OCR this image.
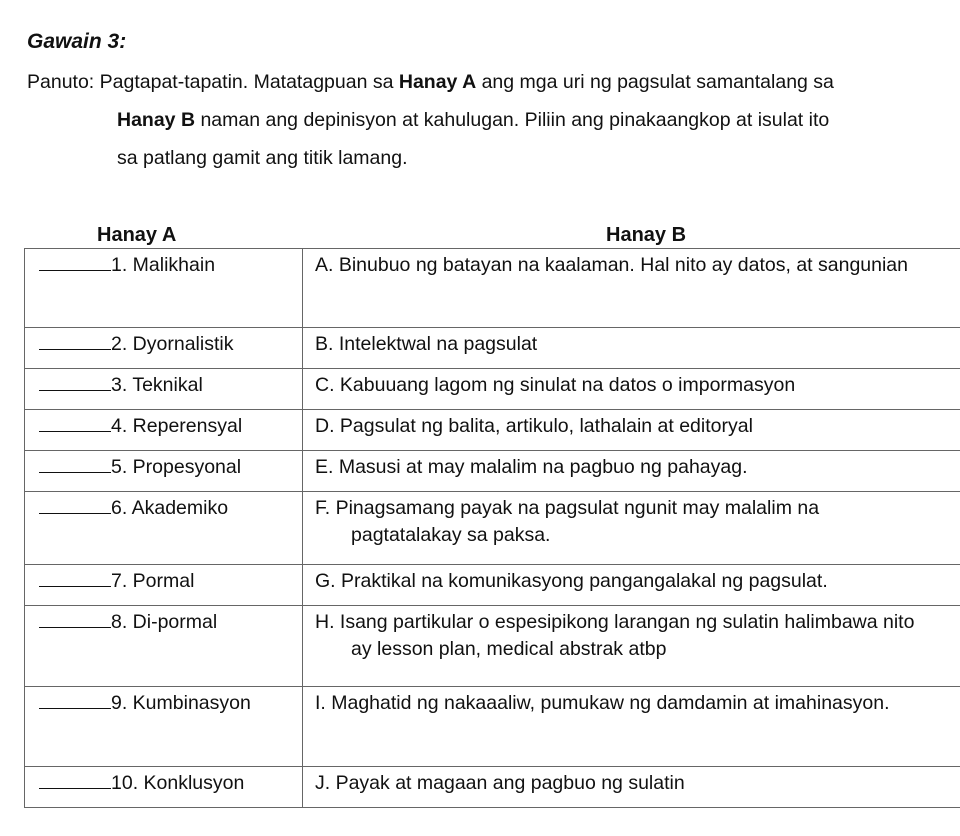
Gawain 3:
Panuto: Pagtapat-tapatin. Matatagpuan sa Hanay A ang mga uri ng pagsulat samantalang sa
Hanay B naman ang depinisyon at kahulugan. Piliin ang pinakaangkop at isulat ito
sa patlang gamit ang titik lamang.
Hanay A	Hanay B
1. Malikhain	A. Binubuo ng batayan na kaalaman. Hal nito ay datos, at sangunian

2. Dyornalistik	B. Intelektwal na pagsulat

3. Teknikal	C. Kabuuang lagom ng sinulat na datos o impormasyon

4. Reperensyal	D. Pagsulat ng balita, artikulo, lathalain at editoryal

5. Propesyonal	E. Masusi at may malalim na pagbuo ng pahayag.

6. Akademiko	F. Pinagsamang payak na pagsulat ngunit may malalim na pagtatalakay sa paksa.

7. Pormal	G. Praktikal na komunikasyong pangangalakal ng pagsulat.

8. Di-pormal	H. Isang partikular o espesipikong larangan ng sulatin halimbawa nito ay lesson plan, medical abstrak atbp

9. Kumbinasyon	I. Maghatid ng nakaaaliw, pumukaw ng damdamin at imahinasyon.

10. Konklusyon	J. Payak at magaan ang pagbuo ng sulatin
